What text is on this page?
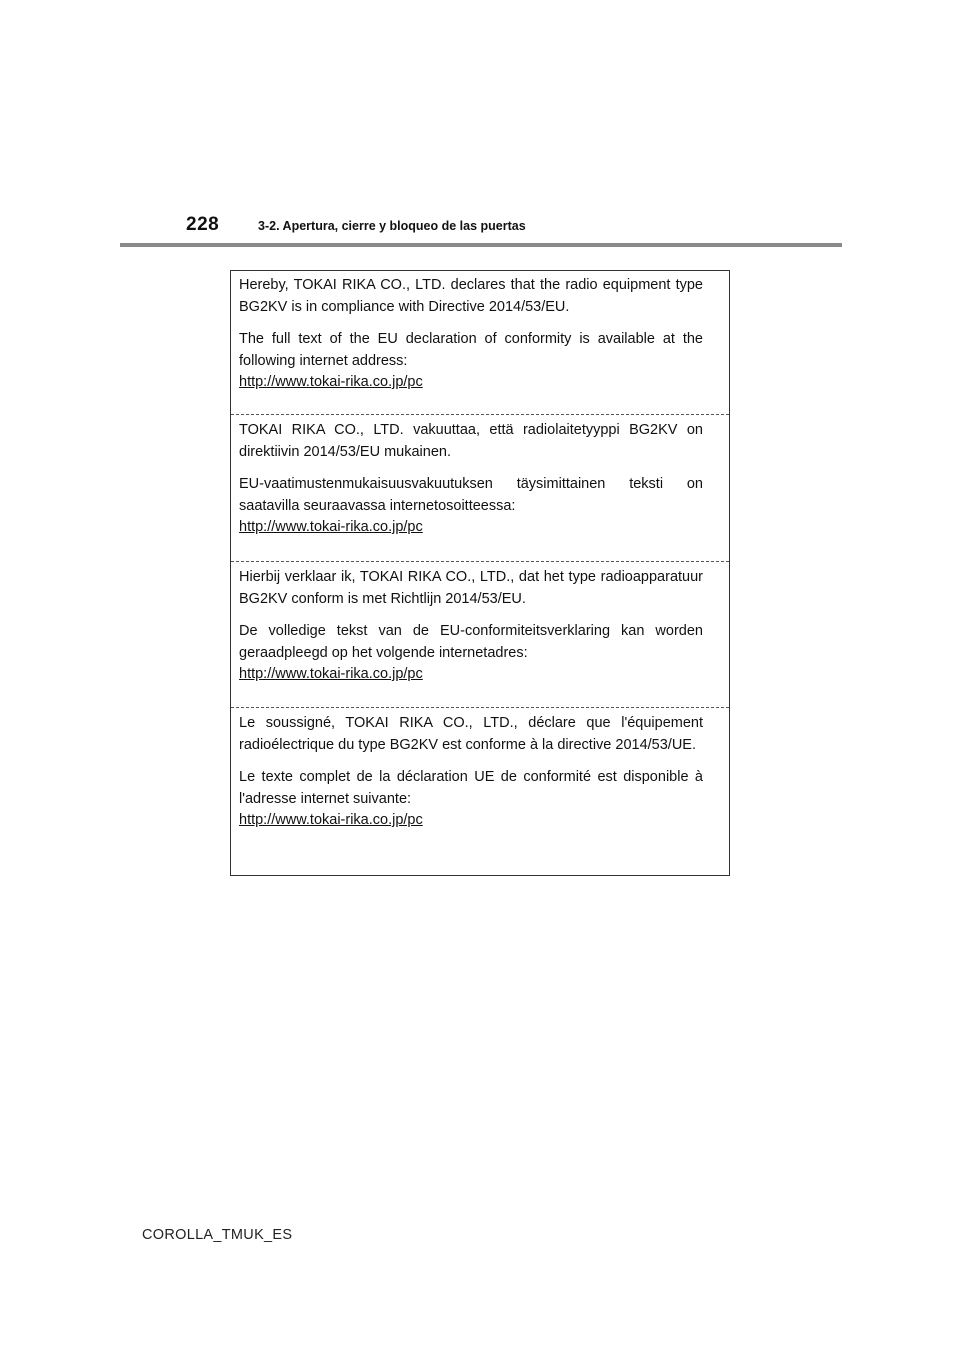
228	3-2. Apertura, cierre y bloqueo de las puertas

Hereby, TOKAI RIKA CO., LTD. declares that the radio equipment type BG2KV is in compliance with Directive 2014/53/EU.

The full text of the EU declaration of conformity is available at the following internet address:
http://www.tokai-rika.co.jp/pc

TOKAI RIKA CO., LTD. vakuuttaa, että radiolaitetyyppi BG2KV on direktiivin 2014/53/EU mukainen.

EU-vaatimustenmukaisuusvakuutuksen täysimittainen teksti on saatavilla seuraavassa internetosoitteessa:
http://www.tokai-rika.co.jp/pc

Hierbij verklaar ik, TOKAI RIKA CO., LTD., dat het type radioapparatuur BG2KV conform is met Richtlijn 2014/53/EU.

De volledige tekst van de EU-conformiteitsverklaring kan worden geraadpleegd op het volgende internetadres:
http://www.tokai-rika.co.jp/pc

Le soussigné, TOKAI RIKA CO., LTD., déclare que l'équipement radioélectrique du type BG2KV est conforme à la directive 2014/53/UE.

Le texte complet de la déclaration UE de conformité est disponible à l'adresse internet suivante:
http://www.tokai-rika.co.jp/pc

COROLLA_TMUK_ES
